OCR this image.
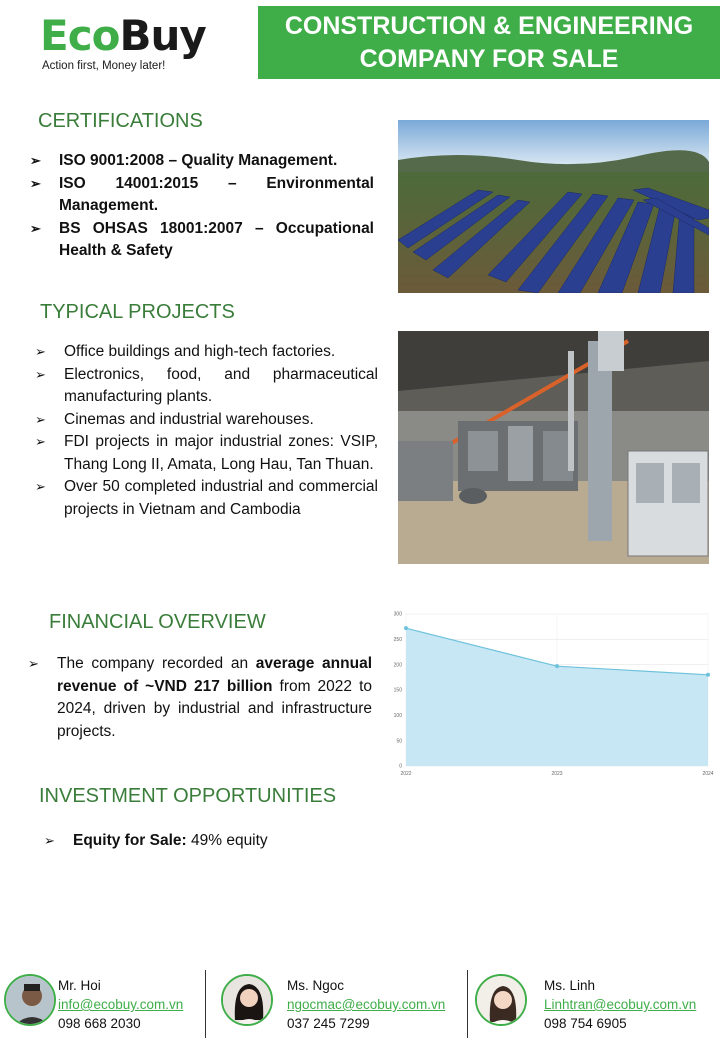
EcoBuy
Action first, Money later!
CONSTRUCTION & ENGINEERING
COMPANY FOR SALE
CERTIFICATIONS
➢ ISO 9001:2008 – Quality Management.
➢ ISO 14001:2015 – Environmental Management.
➢ BS OHSAS 18001:2007 – Occupational Health & Safety
TYPICAL PROJECTS
➢ Office buildings and high-tech factories.
➢ Electronics, food, and pharmaceutical manufacturing plants.
➢ Cinemas and industrial warehouses.
➢ FDI projects in major industrial zones: VSIP, Thang Long II, Amata, Long Hau, Tan Thuan.
➢ Over 50 completed industrial and commercial projects in Vietnam and Cambodia
FINANCIAL OVERVIEW
➢ The company recorded an average annual revenue of ~VND 217 billion from 2022 to 2024, driven by industrial and infrastructure projects.
0
50
100
150
200
250
300
2022	2023	2024
INVESTMENT OPPORTUNITIES
➢ Equity for Sale: 49% equity
Mr. Hoi
info@ecobuy.com.vn
098 668 2030
Ms. Ngoc
ngocmac@ecobuy.com.vn
037 245 7299
Ms. Linh
Linhtran@ecobuy.com.vn
098 754 6905
